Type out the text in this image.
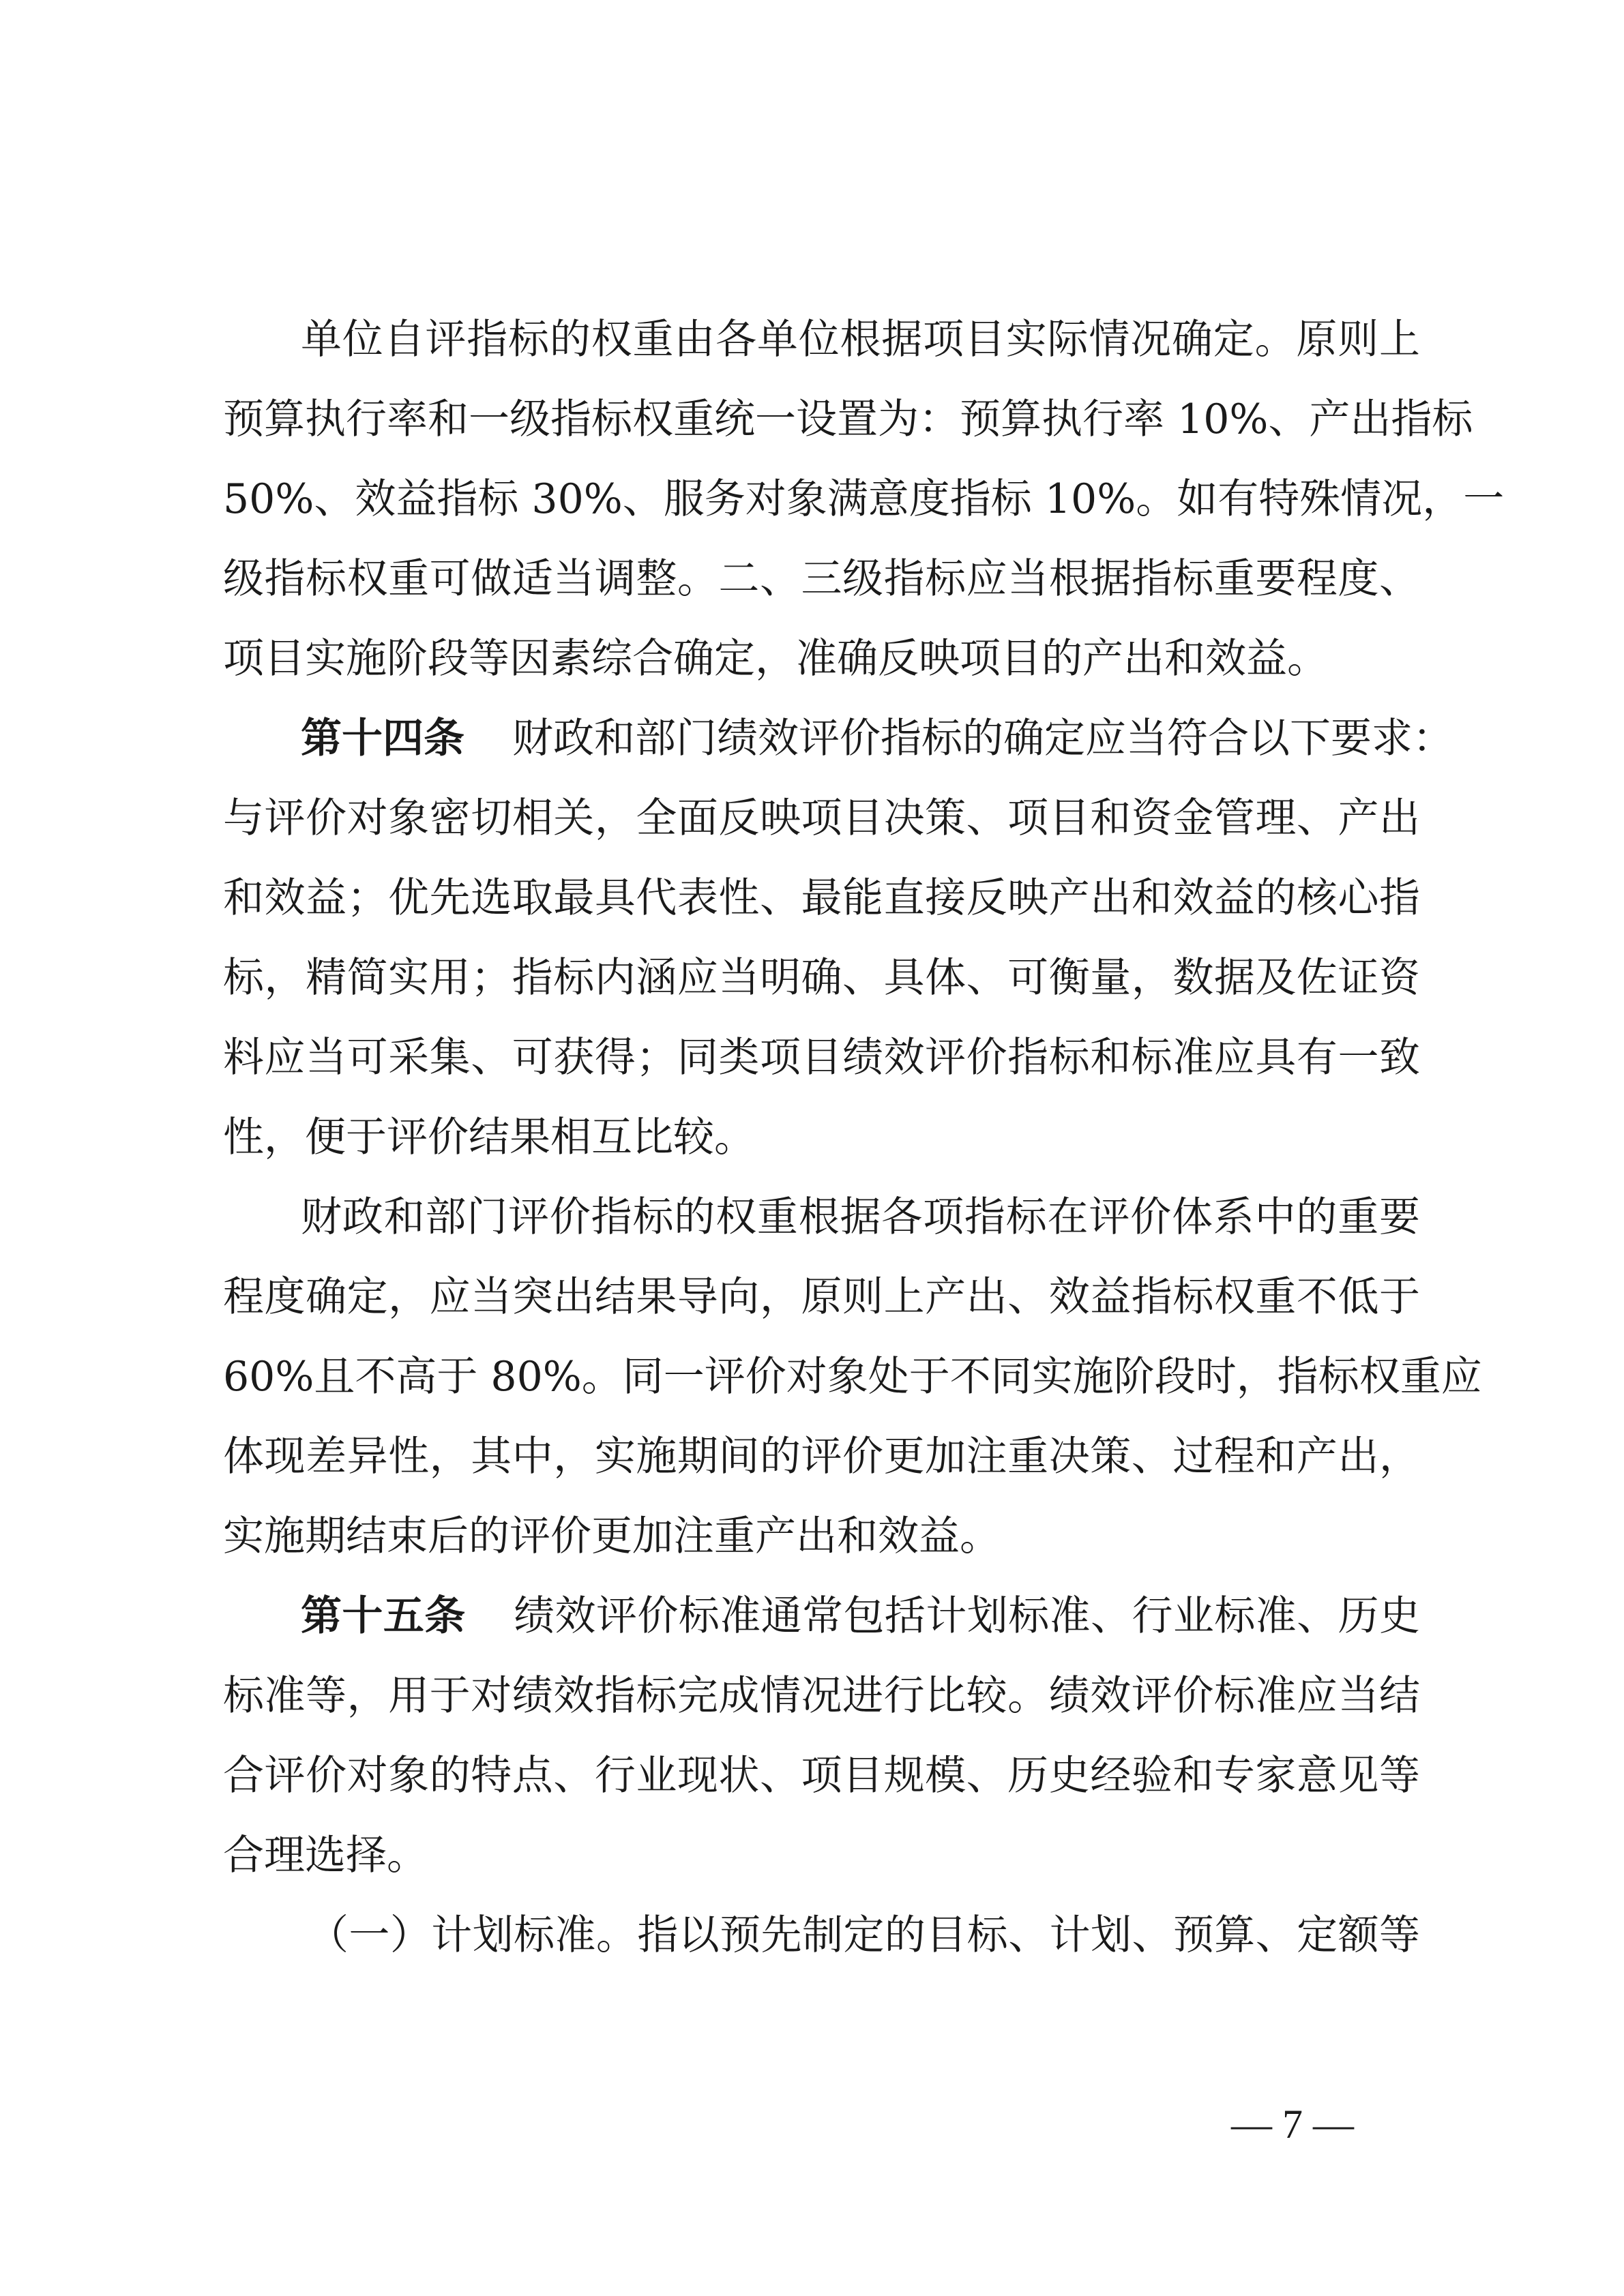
单位自评指标的权重由各单位根据项目实际情况确定。原则上
预算执行率和一级指标权重统一设置为：预算执行率 10%、产出指标
50%、效益指标 30%、服务对象满意度指标 10%。如有特殊情况，一
级指标权重可做适当调整。二、三级指标应当根据指标重要程度、
项目实施阶段等因素综合确定，准确反映项目的产出和效益。
第十四条 财政和部门绩效评价指标的确定应当符合以下要求：
与评价对象密切相关，全面反映项目决策、项目和资金管理、产出
和效益；优先选取最具代表性、最能直接反映产出和效益的核心指
标，精简实用；指标内涵应当明确、具体、可衡量，数据及佐证资
料应当可采集、可获得；同类项目绩效评价指标和标准应具有一致
性，便于评价结果相互比较。
财政和部门评价指标的权重根据各项指标在评价体系中的重要
程度确定，应当突出结果导向，原则上产出、效益指标权重不低于
60%且不高于 80%。同一评价对象处于不同实施阶段时，指标权重应
体现差异性，其中，实施期间的评价更加注重决策、过程和产出，
实施期结束后的评价更加注重产出和效益。
第十五条 绩效评价标准通常包括计划标准、行业标准、历史
标准等，用于对绩效指标完成情况进行比较。绩效评价标准应当结
合评价对象的特点、行业现状、项目规模、历史经验和专家意见等
合理选择。
（一）计划标准。指以预先制定的目标、计划、预算、定额等
— 7 —
